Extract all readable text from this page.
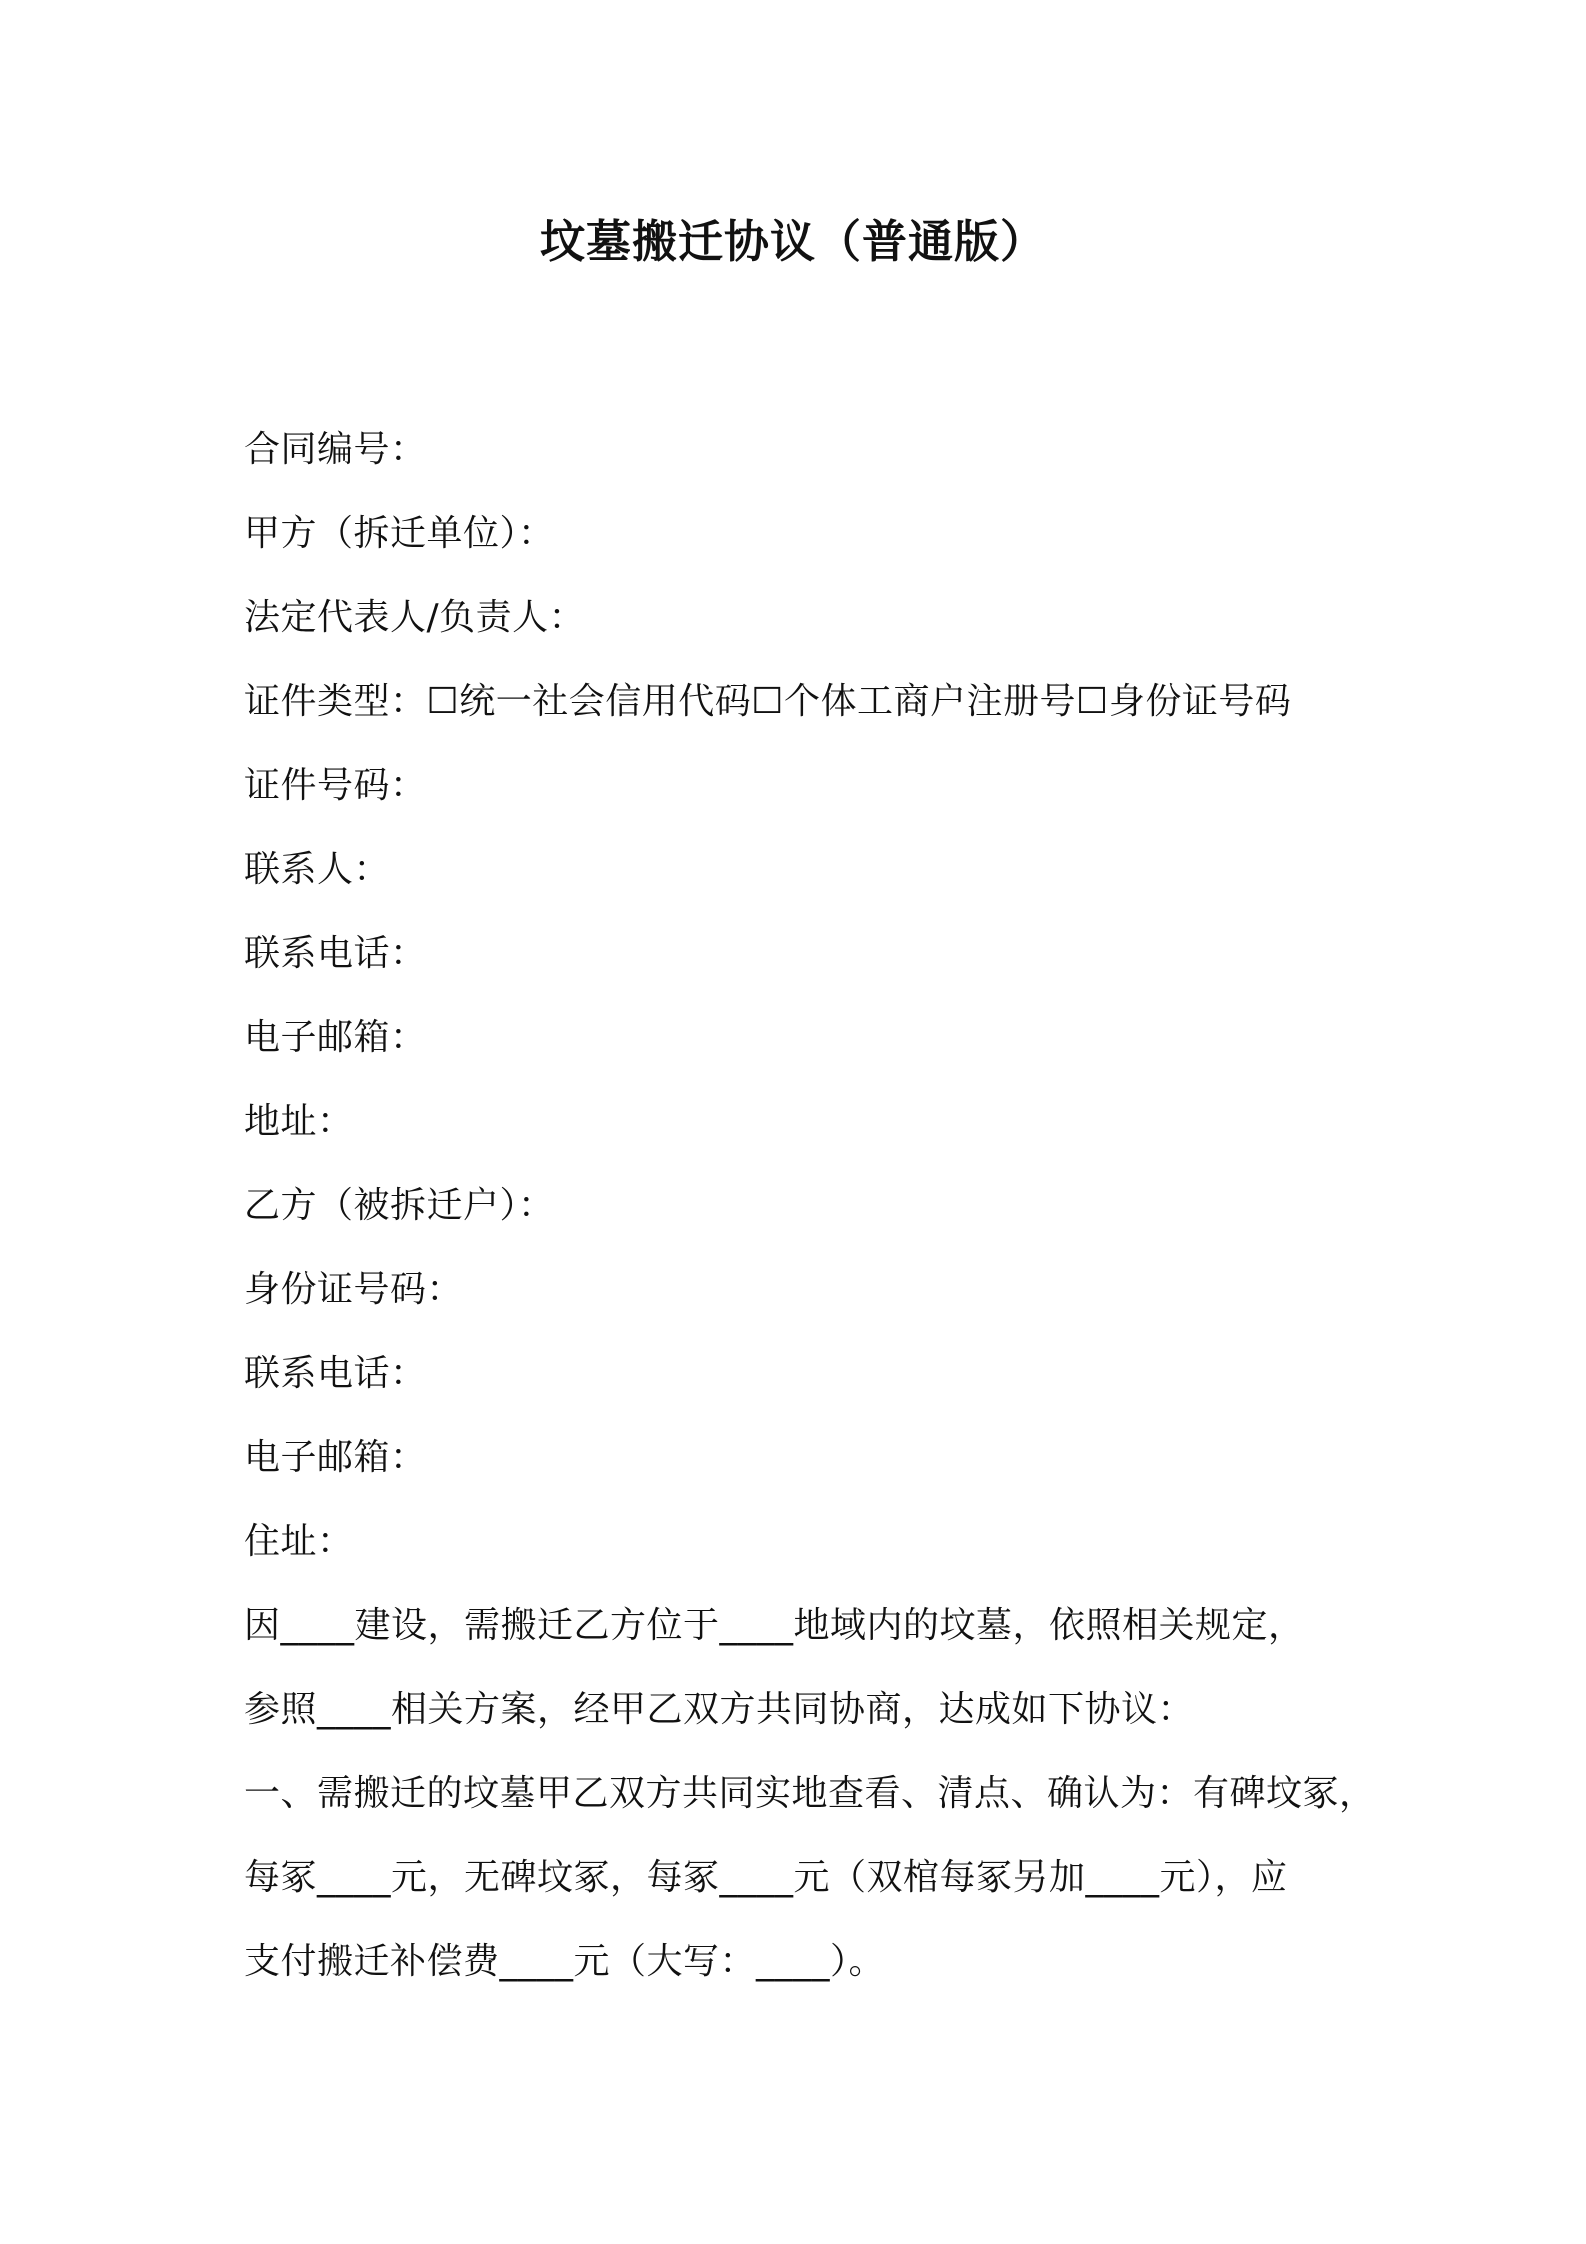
坟墓搬迁协议（普通版）
合同编号：
甲方（拆迁单位）：
法定代表人/负责人：
证件类型：☐统一社会信用代码☐个体工商户注册号☐身份证号码
证件号码：
联系人：
联系电话：
电子邮箱：
地址：
乙方（被拆迁户）：
身份证号码：
联系电话：
电子邮箱：
住址：
因____建设，需搬迁乙方位于____地域内的坟墓，依照相关规定，
参照____相关方案，经甲乙双方共同协商，达成如下协议：
一、需搬迁的坟墓甲乙双方共同实地查看、清点、确认为：有碑坟冢，
每冢____元，无碑坟冢，每冢____元（双棺每冢另加____元），应
支付搬迁补偿费____元（大写：____）。
